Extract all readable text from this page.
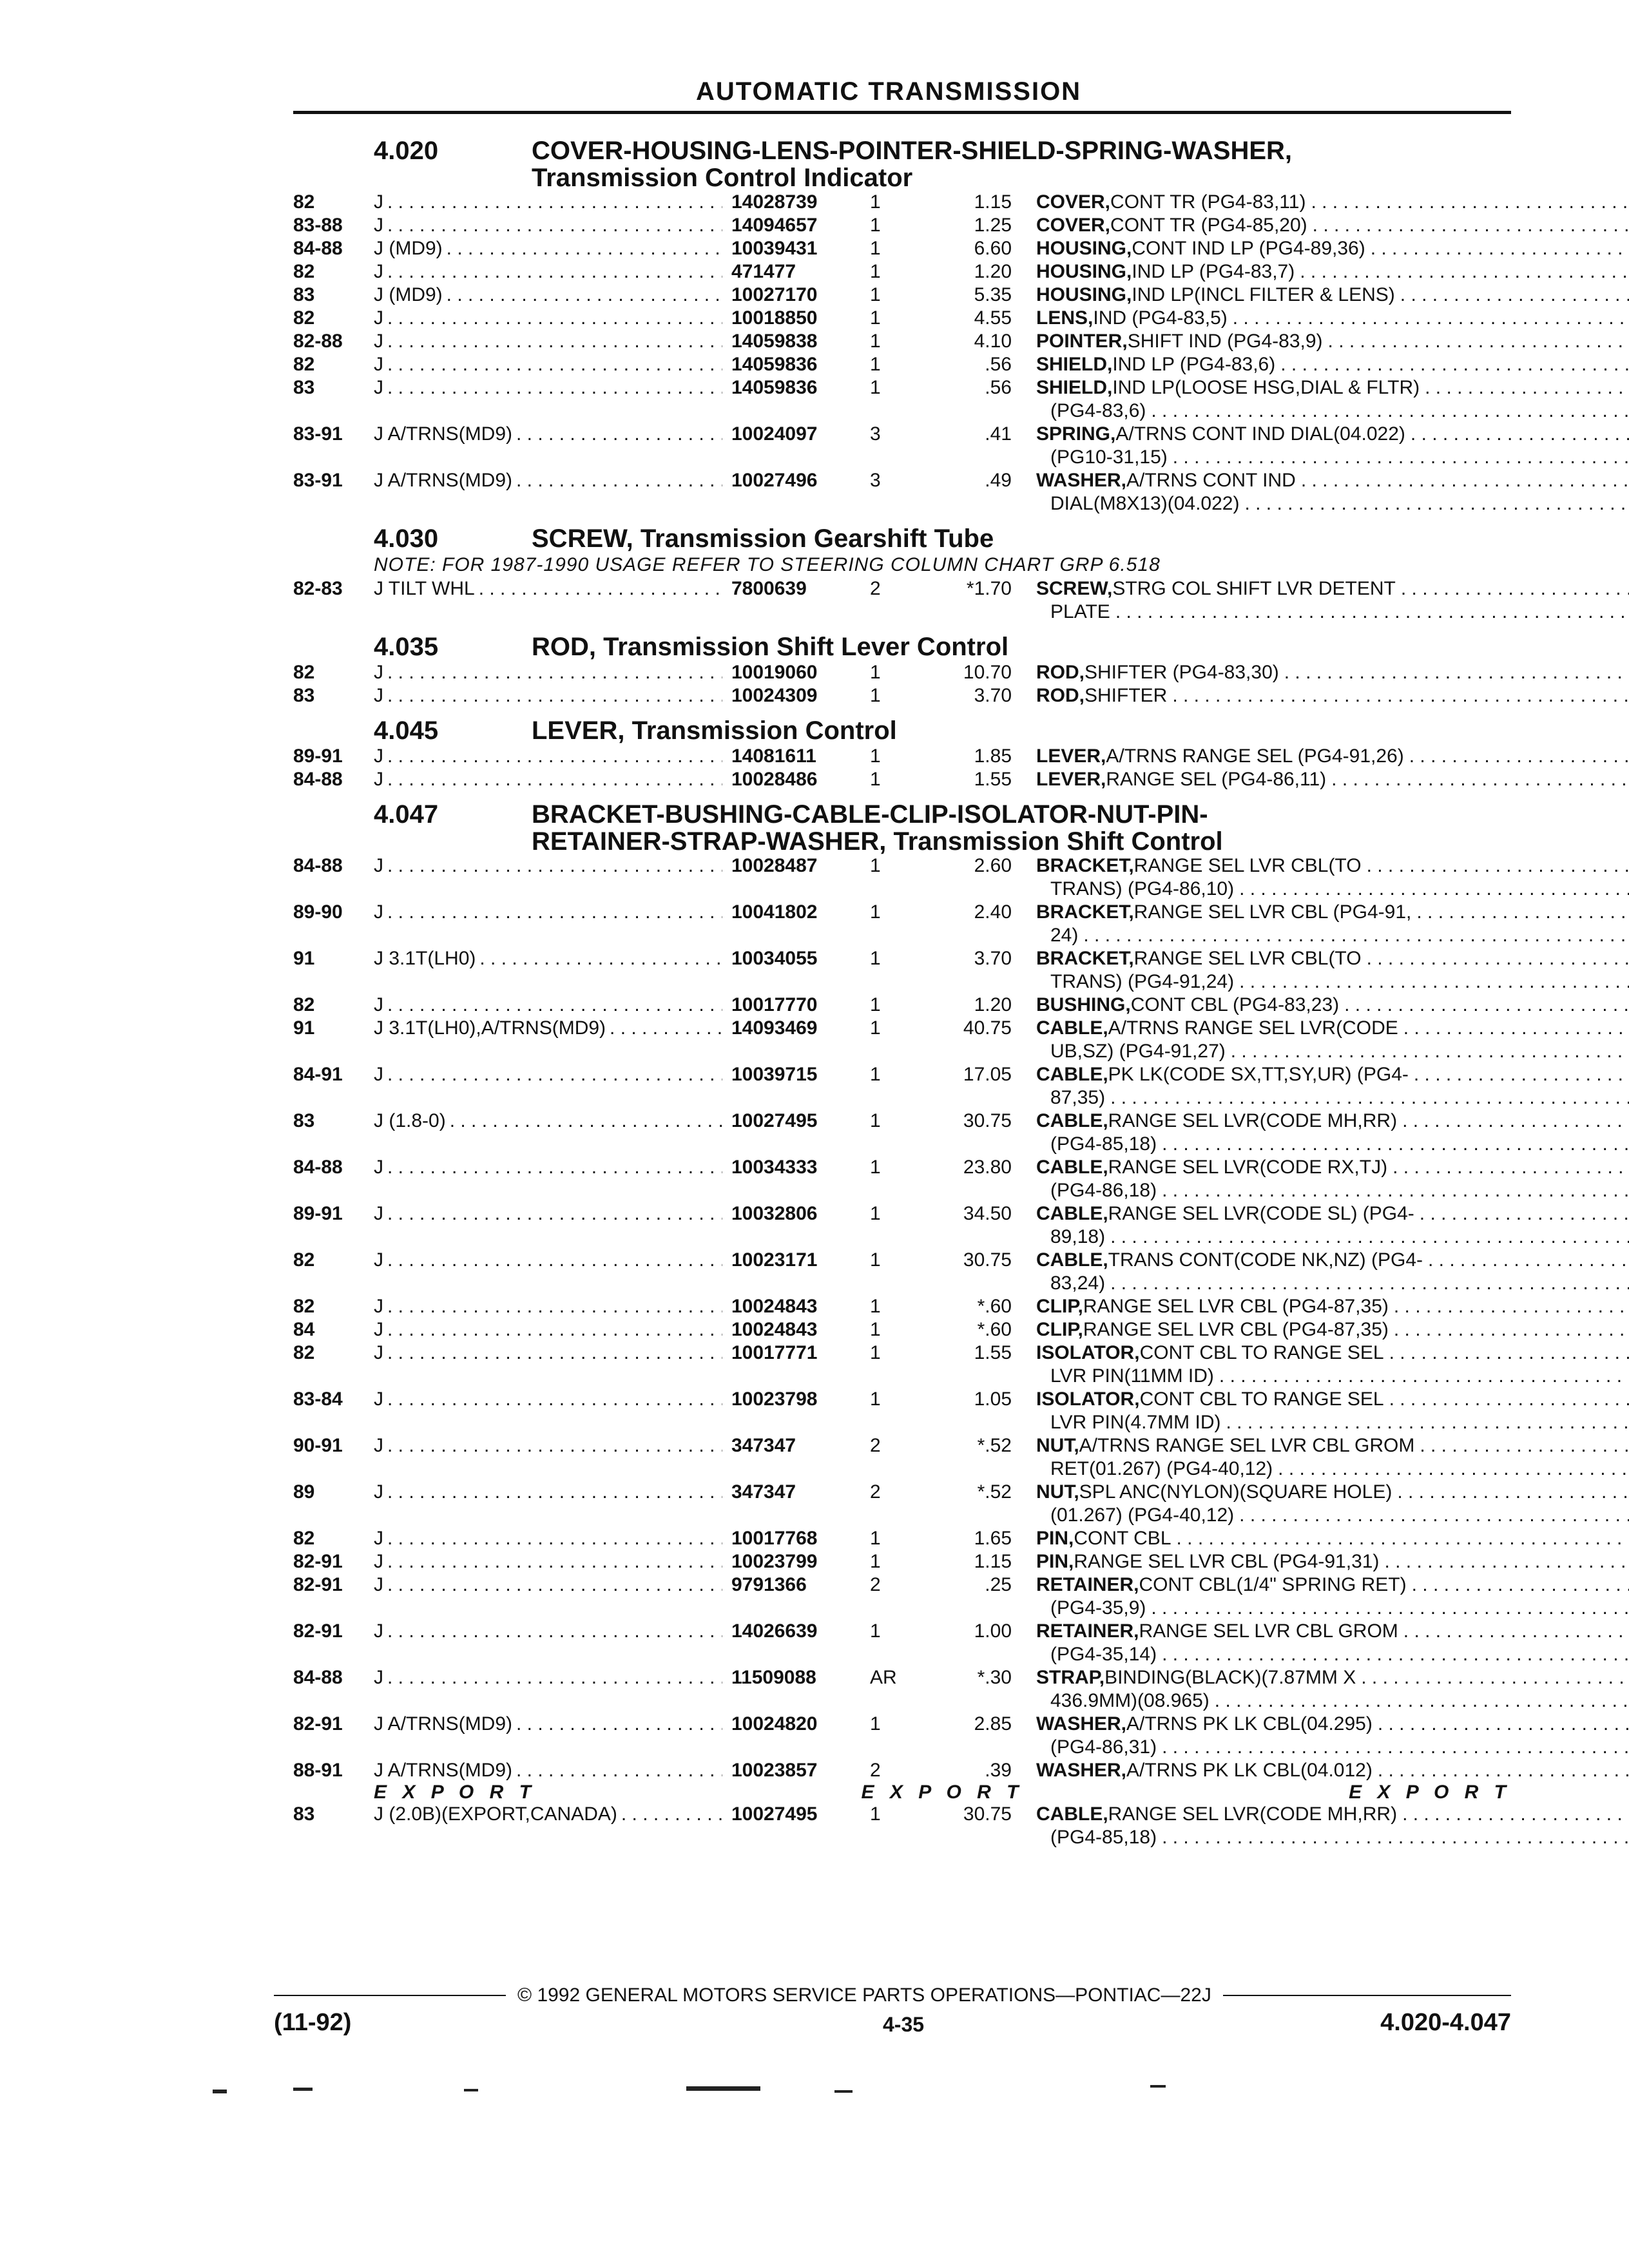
AUTOMATIC TRANSMISSION
4.020	COVER-HOUSING-LENS-POINTER-SHIELD-SPRING-WASHER,
Transmission Control Indicator
82	J . . .	14028739	1	1.15	COVER, CONT TR (PG4-83,11)
. . .
83-88	J . . .	14094657	1	1.25	COVER, CONT TR (PG4-85,20)
. . .
84-88	J (MD9) . . .	10039431	1	6.60	HOUSING, CONT IND LP (PG4-89,36)
. . .
82	J . . .	471477	1	1.20	HOUSING, IND LP (PG4-83,7)
. . .
83	J (MD9) . . .	10027170	1	5.35	HOUSING, IND LP(INCL FILTER & LENS)
. . .
82	J . . .	10018850	1	4.55	LENS, IND (PG4-83,5)
. . .
82-88	J . . .	14059838	1	4.10	POINTER, SHIFT IND (PG4-83,9)
. . .
82	J . . .	14059836	1	.56	SHIELD, IND LP (PG4-83,6)
. . .
83	J . . .	14059836	1	.56	SHIELD, IND LP(LOOSE HSG,DIAL & FLTR)
. . .
(PG4-83,6)
. . .
83-91	J A/TRNS(MD9) . . .	10024097	3	.41	SPRING, A/TRNS CONT IND DIAL(04.022)
. . .
(PG10-31,15)
. . .
83-91	J A/TRNS(MD9) . . .	10027496	3	.49	WASHER, A/TRNS CONT IND
. . .
DIAL(M8X13)(04.022)
. . .
4.030	SCREW, Transmission Gearshift Tube
NOTE: FOR 1987-1990 USAGE REFER TO STEERING COLUMN CHART GRP 6.518
82-83	J TILT WHL . . .	7800639	2	*1.70	SCREW, STRG COL SHIFT LVR DETENT
. . .
PLATE
. . .
4.035	ROD, Transmission Shift Lever Control
82	J . . .	10019060	1	10.70	ROD, SHIFTER (PG4-83,30)
. . .
83	J . . .	10024309	1	3.70	ROD, SHIFTER
. . .
4.045	LEVER, Transmission Control
89-91	J . . .	14081611	1	1.85	LEVER, A/TRNS RANGE SEL (PG4-91,26)
. . .
84-88	J . . .	10028486	1	1.55	LEVER, RANGE SEL (PG4-86,11)
. . .
4.047	BRACKET-BUSHING-CABLE-CLIP-ISOLATOR-NUT-PIN-
RETAINER-STRAP-WASHER, Transmission Shift Control
84-88	J . . .	10028487	1	2.60	BRACKET, RANGE SEL LVR CBL(TO
. . .
TRANS) (PG4-86,10)
. . .
89-90	J . . .	10041802	1	2.40	BRACKET, RANGE SEL LVR CBL (PG4-91,
. . .
24)
. . .
91	J 3.1T(LH0) . . .	10034055	1	3.70	BRACKET, RANGE SEL LVR CBL(TO
. . .
TRANS) (PG4-91,24)
. . .
82	J . . .	10017770	1	1.20	BUSHING, CONT CBL (PG4-83,23)
. . .
91	J 3.1T(LH0),A/TRNS(MD9) . . .	14093469	1	40.75	CABLE, A/TRNS RANGE SEL LVR(CODE
. . .
UB,SZ) (PG4-91,27)
. . .
84-91	J . . .	10039715	1	17.05	CABLE, PK LK(CODE SX,TT,SY,UR) (PG4-
. . .
87,35)
. . .
83	J (1.8-0) . . .	10027495	1	30.75	CABLE, RANGE SEL LVR(CODE MH,RR)
. . .
(PG4-85,18)
. . .
84-88	J . . .	10034333	1	23.80	CABLE, RANGE SEL LVR(CODE RX,TJ)
. . .
(PG4-86,18)
. . .
89-91	J . . .	10032806	1	34.50	CABLE, RANGE SEL LVR(CODE SL) (PG4-
. . .
89,18)
. . .
82	J . . .	10023171	1	30.75	CABLE, TRANS CONT(CODE NK,NZ) (PG4-
. . .
83,24)
. . .
82	J . . .	10024843	1	*.60	CLIP, RANGE SEL LVR CBL (PG4-87,35)
. . .
84	J . . .	10024843	1	*.60	CLIP, RANGE SEL LVR CBL (PG4-87,35)
. . .
82	J . . .	10017771	1	1.55	ISOLATOR, CONT CBL TO RANGE SEL
. . .
LVR PIN(11MM ID)
. . .
83-84	J . . .	10023798	1	1.05	ISOLATOR, CONT CBL TO RANGE SEL
. . .
LVR PIN(4.7MM ID)
. . .
90-91	J . . .	347347	2	*.52	NUT, A/TRNS RANGE SEL LVR CBL GROM
. . .
RET(01.267) (PG4-40,12)
. . .
89	J . . .	347347	2	*.52	NUT, SPL ANC(NYLON)(SQUARE HOLE)
. . .
(01.267) (PG4-40,12)
. . .
82	J . . .	10017768	1	1.65	PIN, CONT CBL
. . .
82-91	J . . .	10023799	1	1.15	PIN, RANGE SEL LVR CBL (PG4-91,31)
. . .
82-91	J . . .	9791366	2	.25	RETAINER, CONT CBL(1/4" SPRING RET)
. . .
(PG4-35,9)
. . .
82-91	J . . .	14026639	1	1.00	RETAINER, RANGE SEL LVR CBL GROM
. . .
(PG4-35,14)
. . .
84-88	J . . .	11509088	AR	*.30	STRAP, BINDING(BLACK)(7.87MM X
. . .
436.9MM)(08.965)
. . .
82-91	J A/TRNS(MD9) . . .	10024820	1	2.85	WASHER, A/TRNS PK LK CBL(04.295)
. . .
(PG4-86,31)
. . .
88-91	J A/TRNS(MD9) . . .	10023857	2	.39	WASHER, A/TRNS PK LK CBL(04.012)
. . .
E X P O R T	E X P O R T	E X P O R T
83	J (2.0B)(EXPORT,CANADA) . . .	10027495	1	30.75	CABLE, RANGE SEL LVR(CODE MH,RR)
. . .
(PG4-85,18)
. . .
© 1992 GENERAL MOTORS SERVICE PARTS OPERATIONS—PONTIAC—22J
(11-92)	4-35	4.020-4.047
